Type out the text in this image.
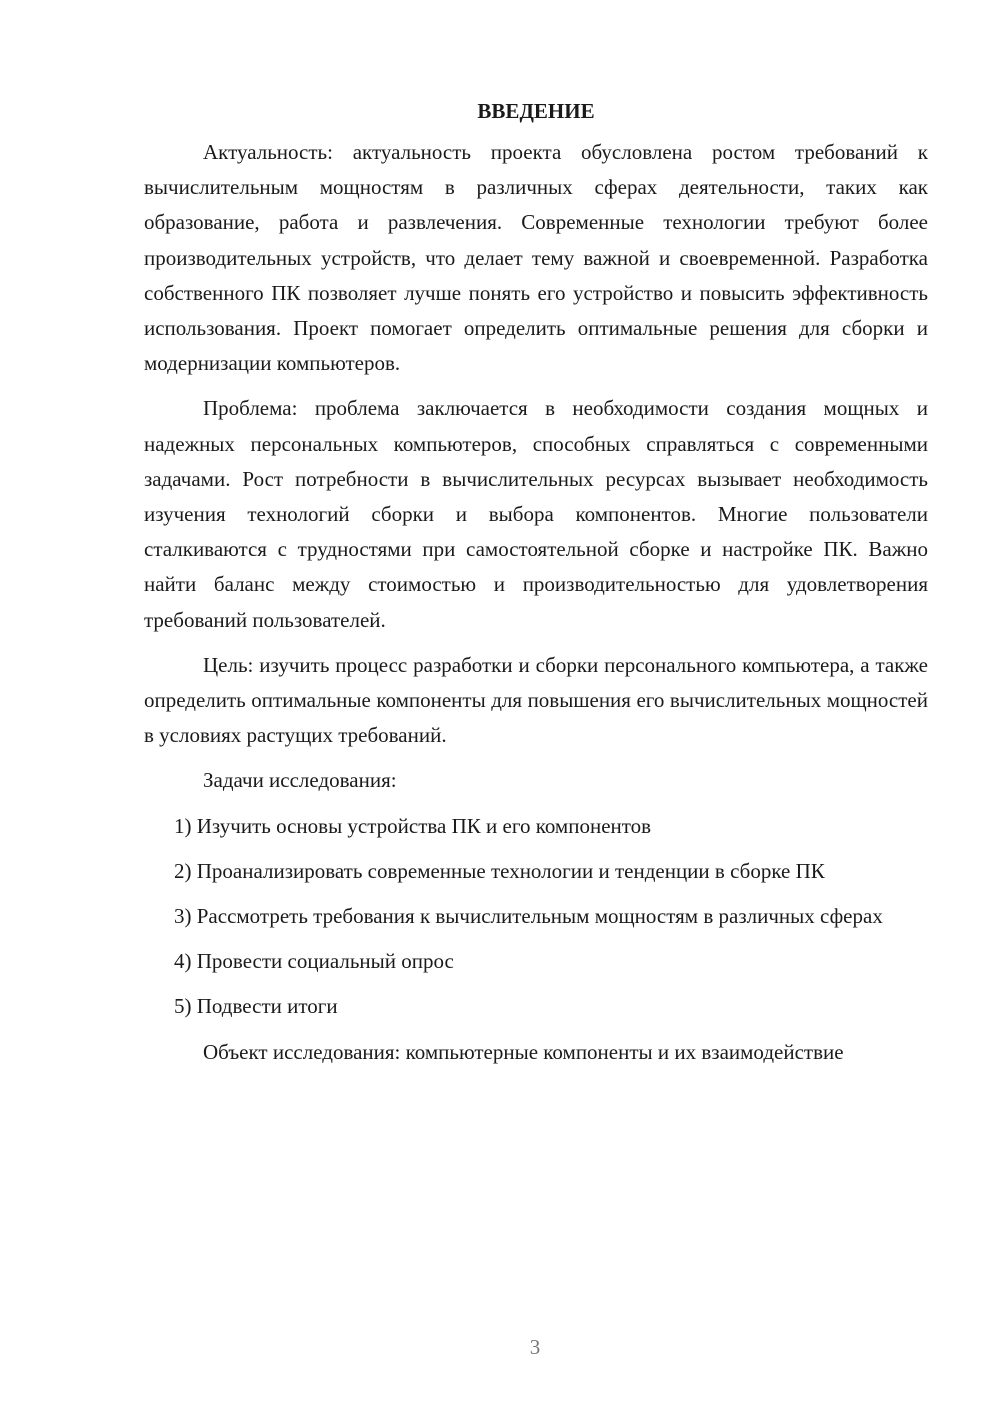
ВВЕДЕНИЕ

Актуальность: актуальность проекта обусловлена ростом требований к вычислительным мощностям в различных сферах деятельности, таких как образование, работа и развлечения. Современные технологии требуют более производительных устройств, что делает тему важной и своевременной. Разработка собственного ПК позволяет лучше понять его устройство и повысить эффективность использования. Проект помогает определить оптимальные решения для сборки и модернизации компьютеров.

Проблема: проблема заключается в необходимости создания мощных и надежных персональных компьютеров, способных справляться с современными задачами. Рост потребности в вычислительных ресурсах вызывает необходимость изучения технологий сборки и выбора компонентов. Многие пользователи сталкиваются с трудностями при самостоятельной сборке и настройке ПК. Важно найти баланс между стоимостью и производительностью для удовлетворения требований пользователей.

Цель: изучить процесс разработки и сборки персонального компьютера, а также определить оптимальные компоненты для повышения его вычислительных мощностей в условиях растущих требований.

Задачи исследования:

1) Изучить основы устройства ПК и его компонентов

2) Проанализировать современные технологии и тенденции в сборке ПК

3) Рассмотреть требования к вычислительным мощностям в различных сферах

4) Провести социальный опрос

5) Подвести итоги

Объект исследования: компьютерные компоненты и их взаимодействие

3
